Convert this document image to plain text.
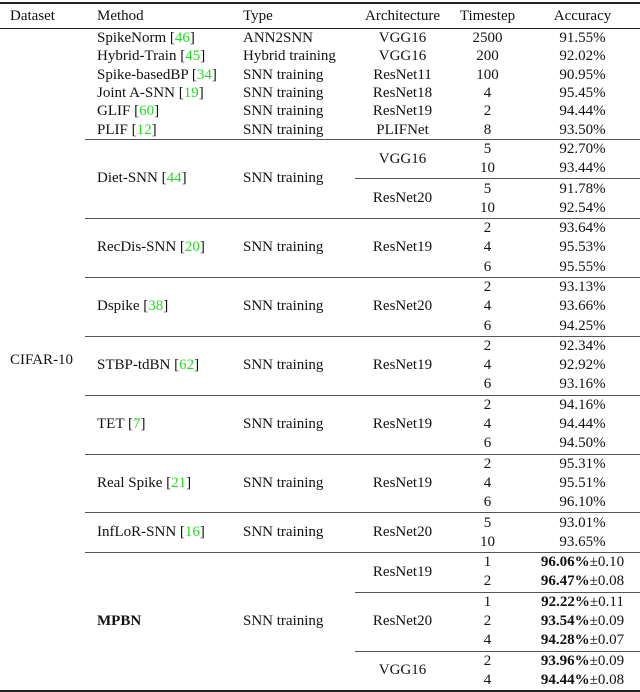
Dataset	Method	Type	Architecture	Timestep	Accuracy
CIFAR-10	SpikeNorm [46]	ANN2SNN	VGG16	2500	91.55%
	Hybrid-Train [45]	Hybrid training	VGG16	200	92.02%
	Spike-basedBP [34]	SNN training	ResNet11	100	90.95%
	Joint A-SNN [19]	SNN training	ResNet18	4	95.45%
	GLIF [60]	SNN training	ResNet19	2	94.44%
	PLIF [12]	SNN training	PLIFNet	8	93.50%
	Diet-SNN [44]	SNN training	VGG16	5	92.70%
				10	93.44%
			ResNet20	5	91.78%
				10	92.54%
	RecDis-SNN [20]	SNN training	ResNet19	2	93.64%
				4	95.53%
				6	95.55%
	Dspike [38]	SNN training	ResNet20	2	93.13%
				4	93.66%
				6	94.25%
	STBP-tdBN [62]	SNN training	ResNet19	2	92.34%
				4	92.92%
				6	93.16%
	TET [7]	SNN training	ResNet19	2	94.16%
				4	94.44%
				6	94.50%
	Real Spike [21]	SNN training	ResNet19	2	95.31%
				4	95.51%
				6	96.10%
	InfLoR-SNN [16]	SNN training	ResNet20	5	93.01%
				10	93.65%
	MPBN	SNN training	ResNet19	1	96.06%±0.10
				2	96.47%±0.08
			ResNet20	1	92.22%±0.11
				2	93.54%±0.09
				4	94.28%±0.07
			VGG16	2	93.96%±0.09
				4	94.44%±0.08
